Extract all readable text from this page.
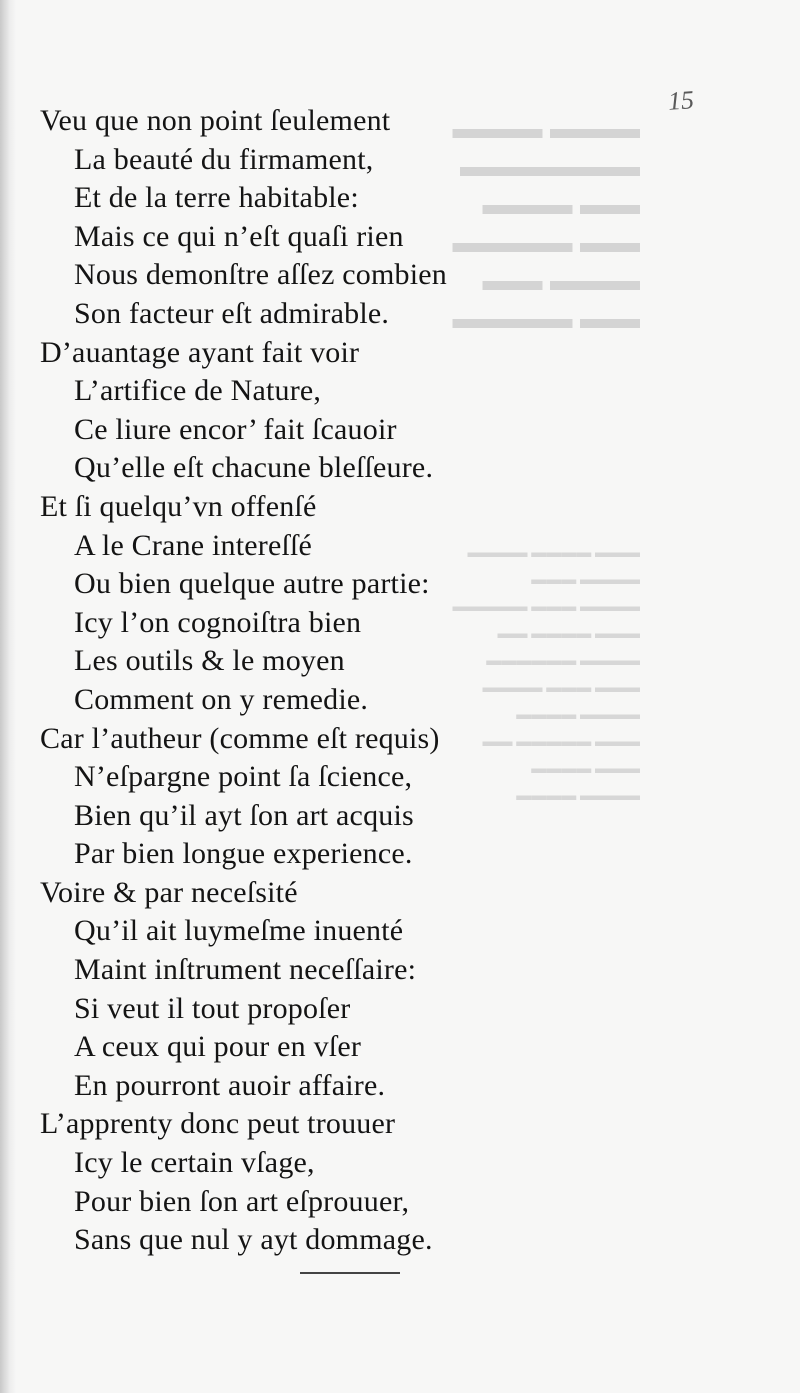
15
▬▬▬ ▬▬▬
▬▬▬▬▬▬
▬▬ ▬▬▬
▬▬ ▬▬▬▬
▬▬▬ ▬▬
▬▬ ▬▬▬▬
▬▬▬ ▬▬▬▬ ▬▬▬▬
▬▬▬▬ ▬▬▬
▬▬▬▬ ▬▬▬ ▬▬▬▬▬
▬▬▬ ▬▬▬▬ ▬▬
▬▬▬▬ ▬▬▬▬▬▬
▬▬▬ ▬▬▬ ▬▬▬▬
▬▬▬▬ ▬▬▬▬
▬▬▬ ▬▬▬▬▬ ▬▬
▬▬▬ ▬▬▬▬
▬▬▬▬ ▬▬▬▬
Veu que non point ſeulement
La beauté du firmament,
Et de la terre habitable:
Mais ce qui n’eſt quaſi rien
Nous demonſtre aſſez combien
Son facteur eſt admirable.
D’auantage ayant fait voir
L’artifice de Nature,
Ce liure encor’ fait ſcauoir
Qu’elle eſt chacune bleſſeure.
Et ſi quelqu’vn offenſé
A le Crane intereſſé
Ou bien quelque autre partie:
Icy l’on cognoiſtra bien
Les outils & le moyen
Comment on y remedie.
Car l’autheur (comme eſt requis)
N’eſpargne point ſa ſcience,
Bien qu’il ayt ſon art acquis
Par bien longue experience.
Voire & par neceſsité
Qu’il ait luymeſme inuenté
Maint inſtrument neceſſaire:
Si veut il tout propoſer
A ceux qui pour en vſer
En pourront auoir affaire.
L’apprenty donc peut trouuer
Icy le certain vſage,
Pour bien ſon art eſprouuer,
Sans que nul y ayt dommage.
